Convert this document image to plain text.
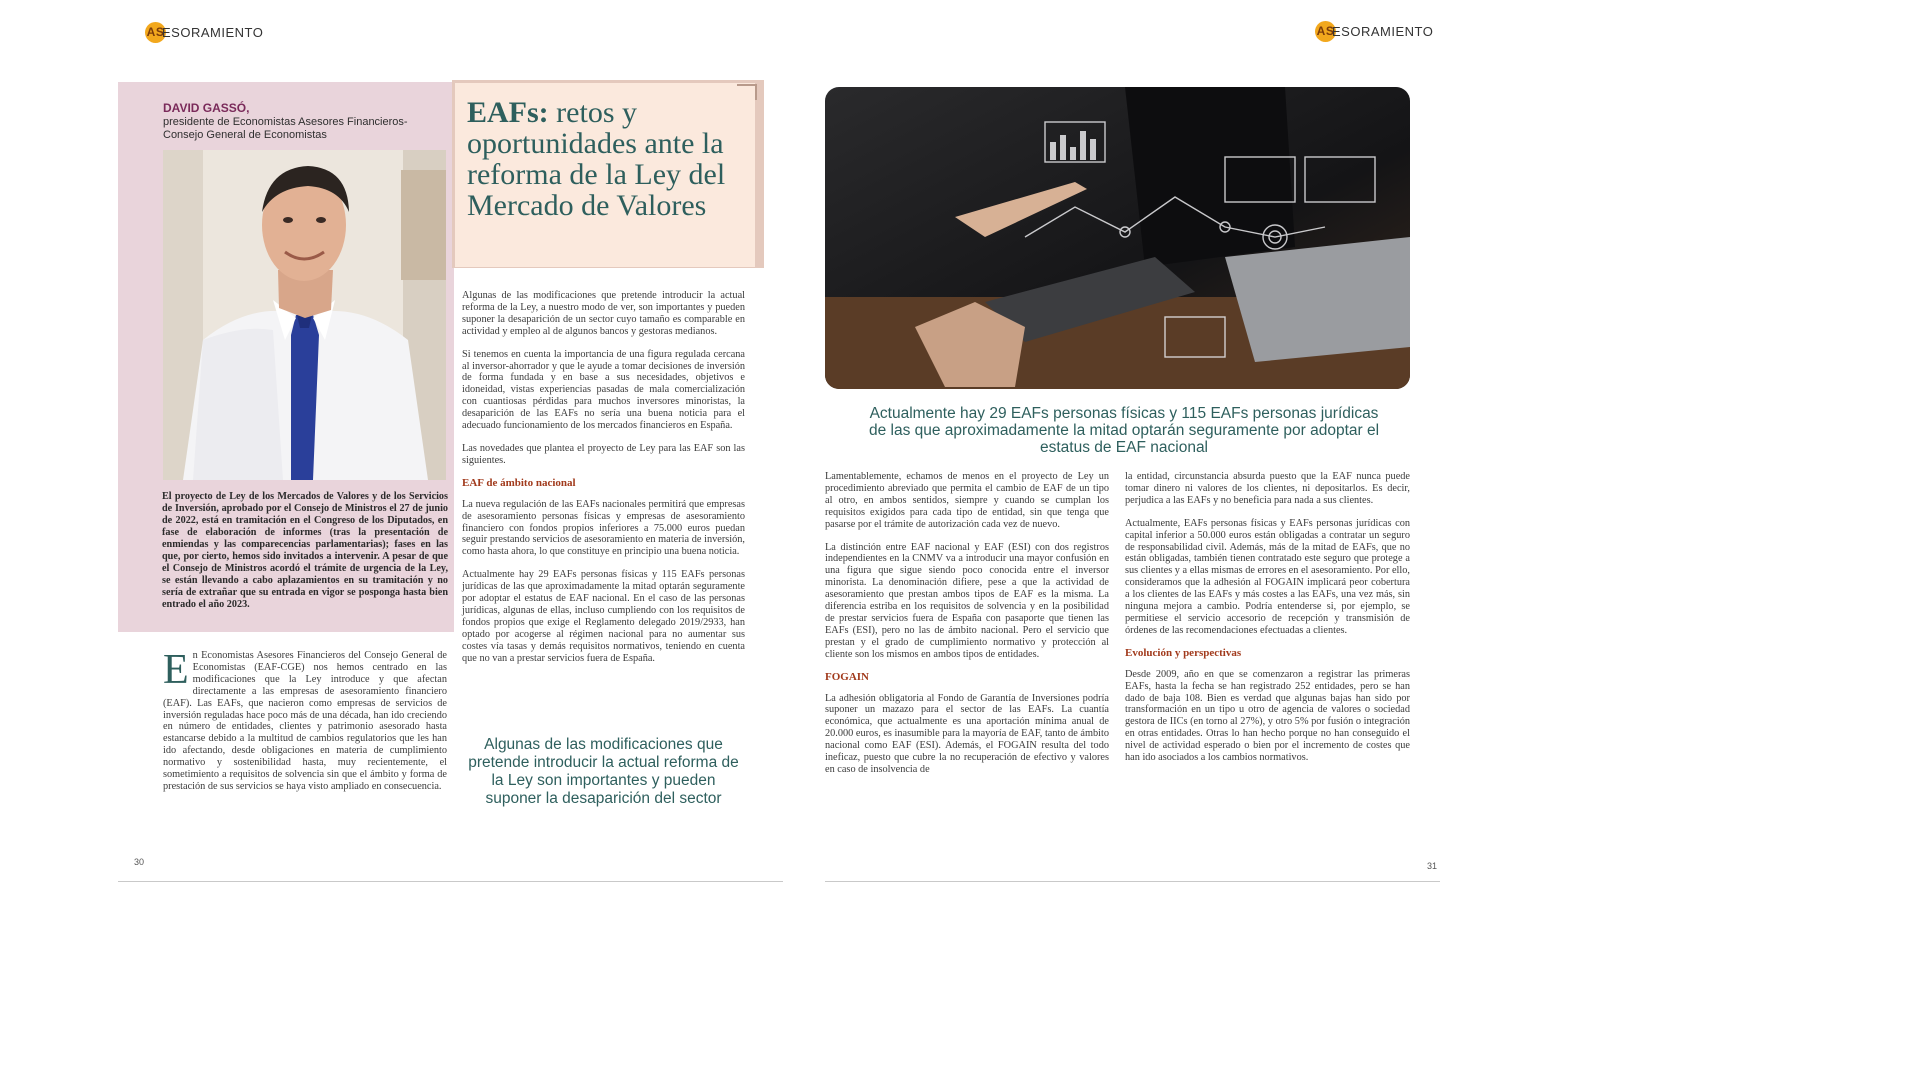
AS
ESORAMIENTO
DAVID GASSÓ,
presidente de Economistas Asesores Financieros-Consejo General de Economistas
El proyecto de Ley de los Mercados de Valores y de los Servicios de Inversión, aprobado por el Consejo de Ministros el 27 de junio de 2022, está en tramitación en el Congreso de los Diputados, en fase de elaboración de informes (tras la presentación de enmiendas y las comparecencias parlamentarias); fases en las que, por cierto, hemos sido invitados a intervenir. A pesar de que el Consejo de Ministros acordó el trámite de urgencia de la Ley, se están llevando a cabo aplazamientos en su tramitación y no sería de extrañar que su entrada en vigor se posponga hasta bien entrado el año 2023.
EAFs: retos y oportunidades ante la reforma de la Ley del Mercado de Valores
E n Economistas Asesores Financieros del Consejo General de Economistas (EAF-CGE) nos hemos centrado en las modificaciones que la Ley introduce y que afectan directamente a las empresas de asesoramiento financiero (EAF). Las EAFs, que nacieron como empresas de servicios de inversión reguladas hace poco más de una década, han ido creciendo en número de entidades, clientes y patrimonio asesorado hasta estancarse debido a la multitud de cambios regulatorios que les han ido afectando, desde obligaciones en materia de cumplimiento normativo y sostenibilidad hasta, muy recientemente, el sometimiento a requisitos de solvencia sin que el ámbito y forma de prestación de sus servicios se haya visto ampliado en consecuencia.

Algunas de las modificaciones que pretende introducir la actual reforma de la Ley, a nuestro modo de ver, son importantes y pueden suponer la desaparición de un sector cuyo tamaño es comparable en actividad y empleo al de algunos bancos y gestoras medianos.

Si tenemos en cuenta la importancia de una figura regulada cercana al inversor-ahorrador y que le ayude a tomar decisiones de inversión de forma fundada y en base a sus necesidades, objetivos e idoneidad, vistas experiencias pasadas de mala comercialización con cuantiosas pérdidas para muchos inversores minoristas, la desaparición de las EAFs no sería una buena noticia para el adecuado funcionamiento de los mercados financieros en España.

Las novedades que plantea el proyecto de Ley para las EAF son las siguientes.

EAF de ámbito nacional

La nueva regulación de las EAFs nacionales permitirá que empresas de asesoramiento personas físicas y empresas de asesoramiento financiero con fondos propios inferiores a 75.000 euros puedan seguir prestando servicios de asesoramiento en materia de inversión, como hasta ahora, lo que constituye en principio una buena noticia.

Actualmente hay 29 EAFs personas físicas y 115 EAFs personas jurídicas de las que aproximadamente la mitad optarán seguramente por adoptar el estatus de EAF nacional. En el caso de las personas jurídicas, algunas de ellas, incluso cumpliendo con los requisitos de fondos propios que exige el Reglamento delegado 2019/2933, han optado por acogerse al régimen nacional para no aumentar sus costes vía tasas y demás requisitos normativos, teniendo en cuenta que no van a prestar servicios fuera de España.

Algunas de las modificaciones que pretende introducir la actual reforma de la Ley son importantes y pueden suponer la desaparición del sector
30
AS
ESORAMIENTO
Actualmente hay 29 EAFs personas físicas y 115 EAFs personas jurídicas de las que aproximadamente la mitad optarán seguramente por adoptar el estatus de EAF nacional

Lamentablemente, echamos de menos en el proyecto de Ley un procedimiento abreviado que permita el cambio de EAF de un tipo al otro, en ambos sentidos, siempre y cuando se cumplan los requisitos exigidos para cada tipo de entidad, sin que tenga que pasarse por el trámite de autorización cada vez de nuevo.

La distinción entre EAF nacional y EAF (ESI) con dos registros independientes en la CNMV va a introducir una mayor confusión en una figura que sigue siendo poco conocida entre el inversor minorista. La denominación difiere, pese a que la actividad de asesoramiento que prestan ambos tipos de EAF es la misma. La diferencia estriba en los requisitos de solvencia y en la posibilidad de prestar servicios fuera de España con pasaporte que tienen las EAFs (ESI), pero no las de ámbito nacional. Pero el servicio que prestan y el grado de cumplimiento normativo y protección al cliente son los mismos en ambos tipos de entidades.

FOGAIN

La adhesión obligatoria al Fondo de Garantía de Inversiones podría suponer un mazazo para el sector de las EAFs. La cuantía económica, que actualmente es una aportación mínima anual de 20.000 euros, es inasumible para la mayoría de EAF, tanto de ámbito nacional como EAF (ESI). Además, el FOGAIN resulta del todo ineficaz, puesto que cubre la no recuperación de efectivo y valores en caso de insolvencia de

la entidad, circunstancia absurda puesto que la EAF nunca puede tomar dinero ni valores de los clientes, ni depositarlos. Es decir, perjudica a las EAFs y no beneficia para nada a sus clientes.

Actualmente, EAFs personas físicas y EAFs personas jurídicas con capital inferior a 50.000 euros están obligadas a contratar un seguro de responsabilidad civil. Además, más de la mitad de EAFs, que no están obligadas, también tienen contratado este seguro que protege a sus clientes y a ellas mismas de errores en el asesoramiento. Por ello, consideramos que la adhesión al FOGAIN implicará peor cobertura a los clientes de las EAFs y más costes a las EAFs, una vez más, sin ninguna mejora a cambio. Podría entenderse si, por ejemplo, se permitiese el servicio accesorio de recepción y transmisión de órdenes de las recomendaciones efectuadas a clientes.

Evolución y perspectivas

Desde 2009, año en que se comenzaron a registrar las primeras EAFs, hasta la fecha se han registrado 252 entidades, pero se han dado de baja 108. Bien es verdad que algunas bajas han sido por transformación en un tipo u otro de agencia de valores o sociedad gestora de IICs (en torno al 27%), y otro 5% por fusión o integración en otras entidades. Otras lo han hecho porque no han conseguido el nivel de actividad esperado o bien por el incremento de costes que han ido asociados a los cambios normativos.

31
